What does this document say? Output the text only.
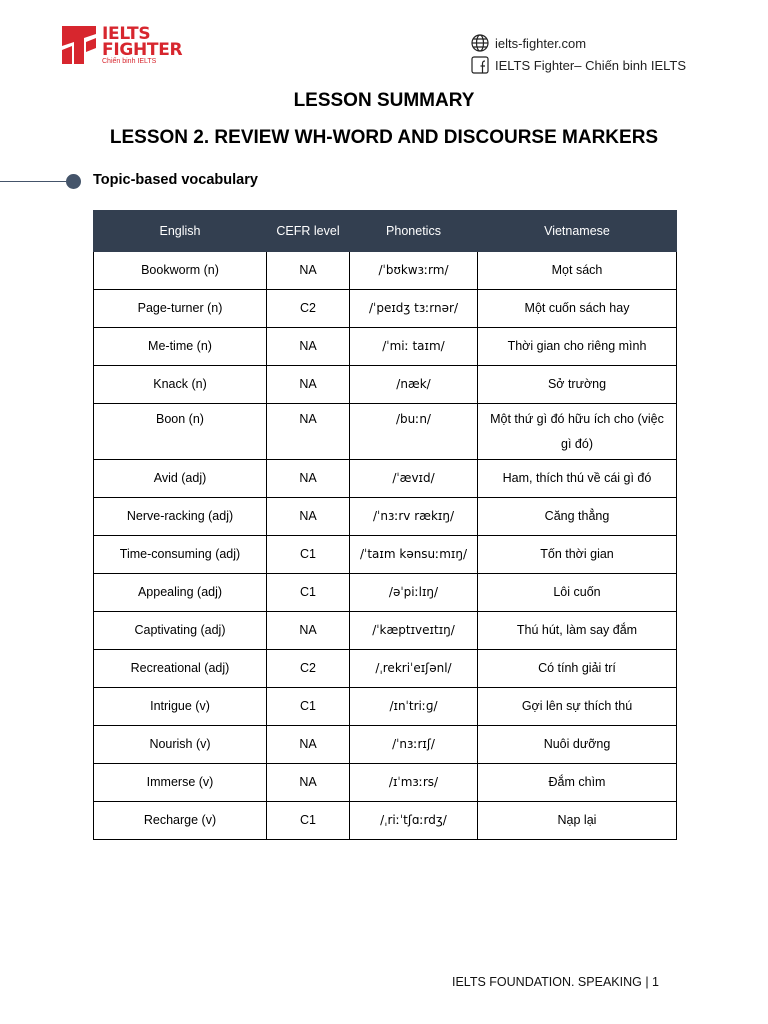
IELTS
FIGHTER
Chiến binh IELTS
ielts-fighter.com
IELTS Fighter– Chiến binh IELTS
LESSON SUMMARY
LESSON 2. REVIEW WH-WORD AND DISCOURSE MARKERS
Topic-based vocabulary
English	CEFR level	Phonetics	Vietnamese
Bookworm (n)	NA	/ˈbʊkwɜːrm/	Mọt sách
Page-turner (n)	C2	/ˈpeɪdʒ tɜːrnər/	Một cuốn sách hay
Me-time (n)	NA	/ˈmiː taɪm/	Thời gian cho riêng mình
Knack (n)	NA	/næk/	Sở trường
Boon (n)	NA	/buːn/	Một thứ gì đó hữu ích cho (việc gì đó)
Avid (adj)	NA	/ˈævɪd/	Ham, thích thú về cái gì đó
Nerve-racking (adj)	NA	/ˈnɜːrv rækɪŋ/	Căng thẳng
Time-consuming (adj)	C1	/ˈtaɪm kənsuːmɪŋ/	Tốn thời gian
Appealing (adj)	C1	/əˈpiːlɪŋ/	Lôi cuốn
Captivating (adj)	NA	/ˈkæptɪveɪtɪŋ/	Thú hút, làm say đắm
Recreational (adj)	C2	/ˌrekriˈeɪʃənl/	Có tính giải trí
Intrigue (v)	C1	/ɪnˈtriːɡ/	Gợi lên sự thích thú
Nourish (v)	NA	/ˈnɜːrɪʃ/	Nuôi dưỡng
Immerse (v)	NA	/ɪˈmɜːrs/	Đắm chìm
Recharge (v)	C1	/ˌriːˈtʃɑːrdʒ/	Nạp lại
IELTS FOUNDATION. SPEAKING | 1
